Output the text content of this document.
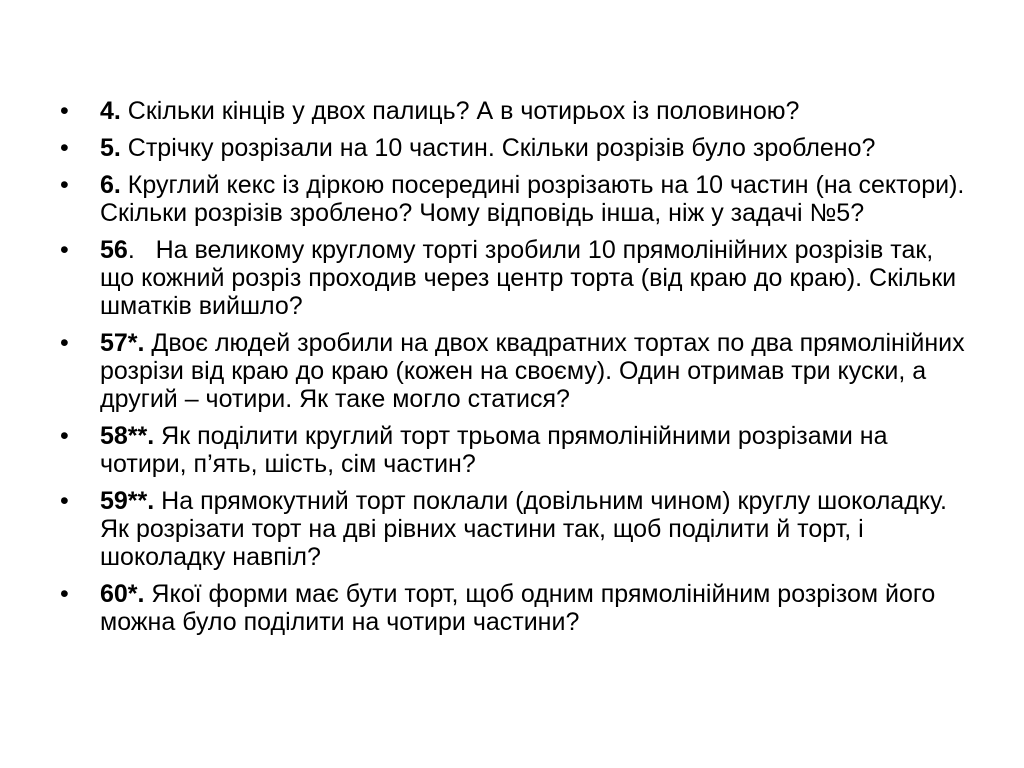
• 4. Скільки кінців у двох палиць? А в чотирьох із половиною?
• 5. Стрічку розрізали на 10 частин. Скільки розрізів було зроблено?
• 6. Круглий кекс із діркою посередині розрізають на 10 частин (на сектори). Скільки розрізів зроблено? Чому відповідь інша, ніж у задачі №5?
• 56.   На великому круглому торті зробили 10 прямолінійних розрізів так, що кожний розріз проходив через центр торта (від краю до краю). Скільки шматків вийшло?
• 57*. Двоє людей зробили на двох квадратних тортах по два прямолінійних розрізи від краю до краю (кожен на своєму). Один отримав три куски, а другий – чотири. Як таке могло статися?
• 58**. Як поділити круглий торт трьома прямолінійними розрізами на чотири, п’ять, шість, сім частин?
• 59**. На прямокутний торт поклали (довільним чином) круглу шоколадку. Як розрізати торт на дві рівних частини так, щоб поділити й торт, і шоколадку навпіл?
• 60*. Якої форми має бути торт, щоб одним прямолінійним розрізом його можна було поділити на чотири частини?
